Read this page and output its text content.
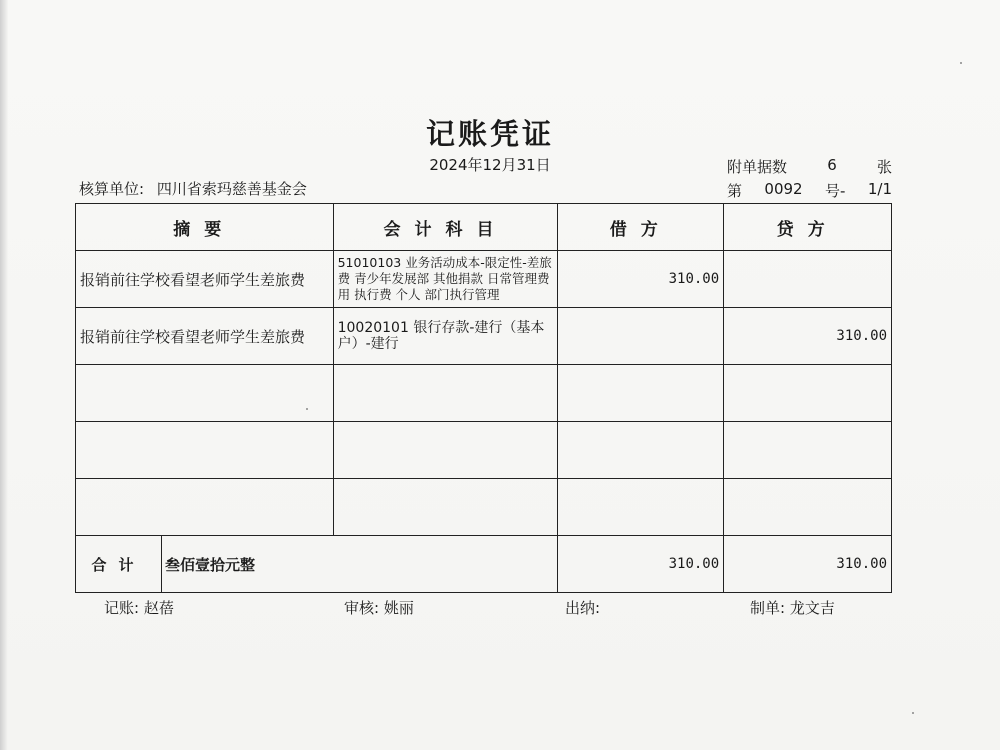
记账凭证
2024年12月31日	附单据数	6	张
核算单位: 四川省索玛慈善基金会	第 0092 号- 1/1
摘要	会计科目	借方	贷方
报销前往学校看望老师学生差旅费	51010103 业务活动成本-限定性-差旅费 青少年发展部 其他捐款 日常管理费用 执行费 个人 部门执行管理	310.00	
报销前往学校看望老师学生差旅费	10020101 银行存款-建行（基本户）-建行		310.00

合计 叁佰壹拾元整		310.00	310.00
记账: 赵蓓	审核: 姚丽	出纳:	制单: 龙文吉
